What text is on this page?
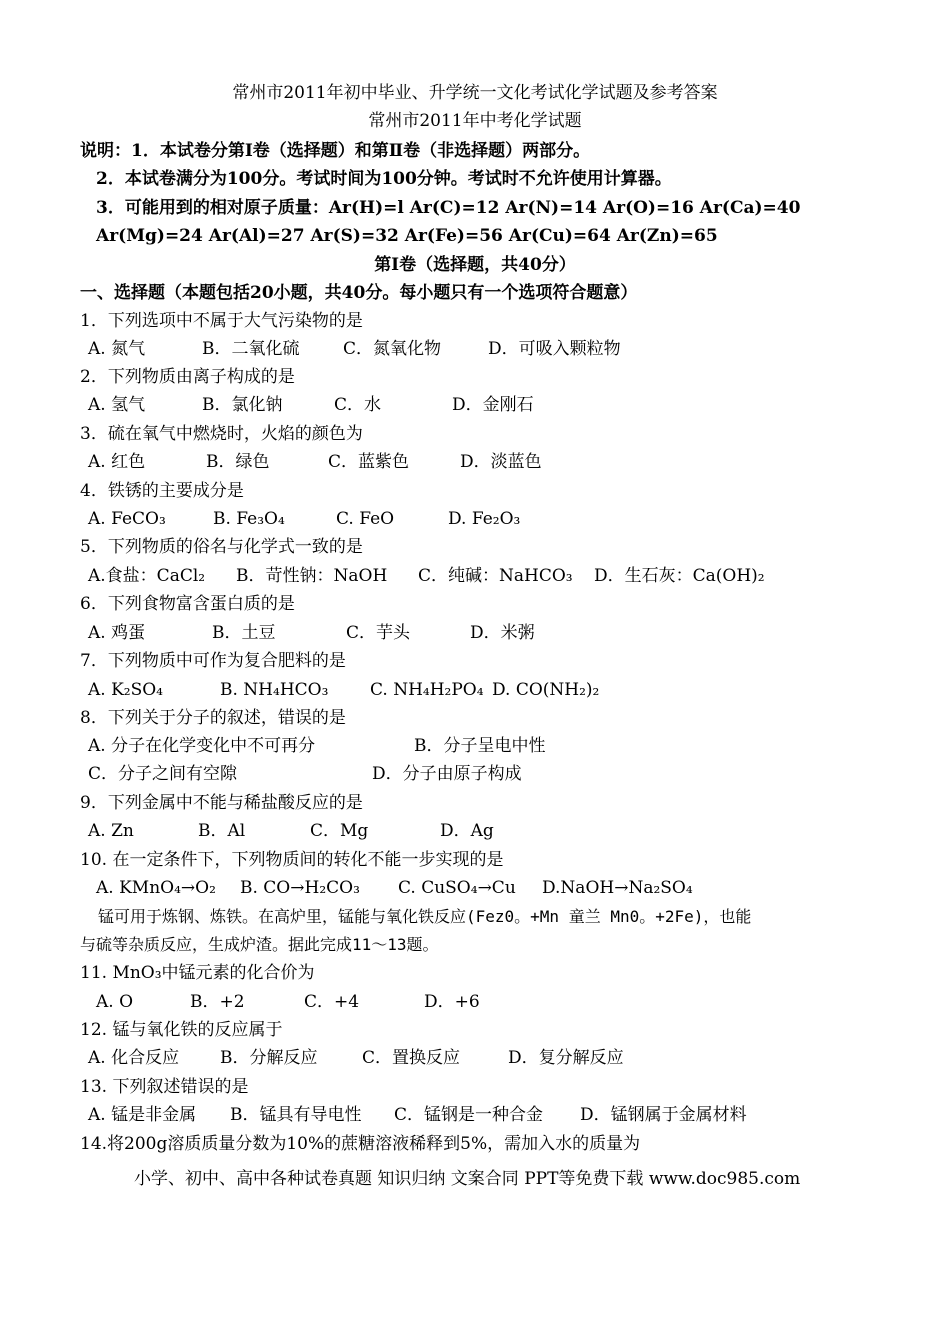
常州市2011年初中毕业、升学统一文化考试化学试题及参考答案
常州市2011年中考化学试题
说明：1．本试卷分第Ⅰ卷（选择题）和第Ⅱ卷（非选择题）两部分。
2．本试卷满分为100分。考试时间为100分钟。考试时不允许使用计算器。
3．可能用到的相对原子质量：Ar(H)=l Ar(C)=12 Ar(N)=14 Ar(O)=16 Ar(Ca)=40
Ar(Mg)=24 Ar(Al)=27 Ar(S)=32 Ar(Fe)=56 Ar(Cu)=64 Ar(Zn)=65
第Ⅰ卷（选择题，共40分）
一、选择题（本题包括20小题，共40分。每小题只有一个选项符合题意）
1．下列选项中不属于大气污染物的是
A. 氮气	B．二氧化硫	C．氮氧化物	D．可吸入颗粒物
2．下列物质由离子构成的是
A. 氢气	B．氯化钠	C．水	D．金刚石
3．硫在氧气中燃烧时，火焰的颜色为
A. 红色	B．绿色	C．蓝紫色	D．淡蓝色
4．铁锈的主要成分是
A. FeCO₃	B. Fe₃O₄	C. FeO	D. Fe₂O₃
5．下列物质的俗名与化学式一致的是
A.食盐：CaCl₂ B．苛性钠：NaOH C．纯碱：NaHCO₃ D．生石灰：Ca(OH)₂
6．下列食物富含蛋白质的是
A. 鸡蛋	B．土豆	C．芋头	D．米粥
7．下列物质中可作为复合肥料的是
A. K₂SO₄	B. NH₄HCO₃ C. NH₄H₂PO₄ D. CO(NH₂)₂
8．下列关于分子的叙述，错误的是
A. 分子在化学变化中不可再分	B．分子呈电中性
C．分子之间有空隙	D．分子由原子构成
9．下列金属中不能与稀盐酸反应的是
A. Zn	B．Al	C．Mg	D．Ag
10. 在一定条件下，下列物质间的转化不能一步实现的是
A. KMnO₄→O₂ B. CO→H₂CO₃ C. CuSO₄→Cu D.NaOH→Na₂SO₄
锰可用于炼钢、炼铁。在高炉里，锰能与氧化铁反应(Fez0。+Mn 童兰 Mn0。+2Fe)，也能
与硫等杂质反应，生成炉渣。据此完成11～13题。
11. MnO₃中锰元素的化合价为
A. O	B．+2	C．+4	D．+6
12. 锰与氧化铁的反应属于
A. 化合反应 B．分解反应	C．置换反应	D．复分解反应
13. 下列叙述错误的是
A. 锰是非金属 B．锰具有导电性 C．锰钢是一种合金 D．锰钢属于金属材料
14.将200g溶质质量分数为10%的蔗糖溶液稀释到5%，需加入水的质量为
小学、初中、高中各种试卷真题 知识归纳 文案合同 PPT等免费下载 www.doc985.com
